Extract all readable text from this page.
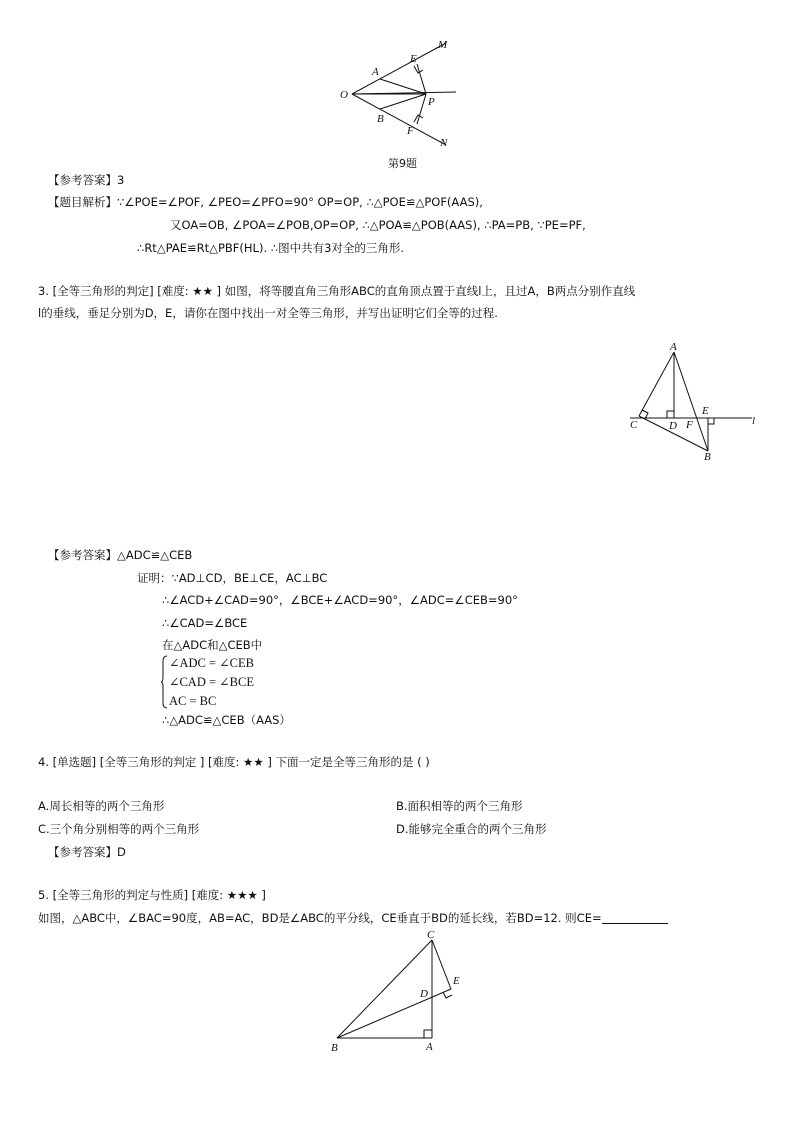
O
A
B
E
F
P
M
N
第9题
【参考答案】3
【题目解析】∵∠POE=∠POF, ∠PEO=∠PFO=90° OP=OP, ∴△POE≌△POF(AAS),
又OA=OB, ∠POA=∠POB,OP=OP, ∴△POA≌△POB(AAS), ∴PA=PB, ∵PE=PF,
∴Rt△PAE≌Rt△PBF(HL). ∴图中共有3对全的三角形.
3. [全等三角形的判定] [难度: ★★ ] 如图，将等腰直角三角形ABC的直角顶点置于直线l上，且过A，B两点分别作直线
l的垂线，垂足分别为D，E，请你在图中找出一对全等三角形，并写出证明它们全等的过程.
A
C	D F
E
B
l
【参考答案】△ADC≌△CEB
证明：∵AD⊥CD，BE⊥CE，AC⊥BC
∴∠ACD+∠CAD=90°，∠BCE+∠ACD=90°，∠ADC=∠CEB=90°
∴∠CAD=∠BCE
在△ADC和△CEB中
∠ADC = ∠CEB
∠CAD = ∠BCE
AC = BC
∴△ADC≌△CEB（AAS）
4. [单选题] [全等三角形的判定 ] [难度: ★★ ] 下面一定是全等三角形的是 ( )
A.周长相等的两个三角形	B.面积相等的两个三角形
C.三个角分别相等的两个三角形	D.能够完全重合的两个三角形
【参考答案】D
5. [全等三角形的判定与性质] [难度: ★★★ ]
如图，△ABC中，∠BAC=90度，AB=AC，BD是∠ABC的平分线，CE垂直于BD的延长线，若BD=12. 则CE=
C
E
D
B	A
